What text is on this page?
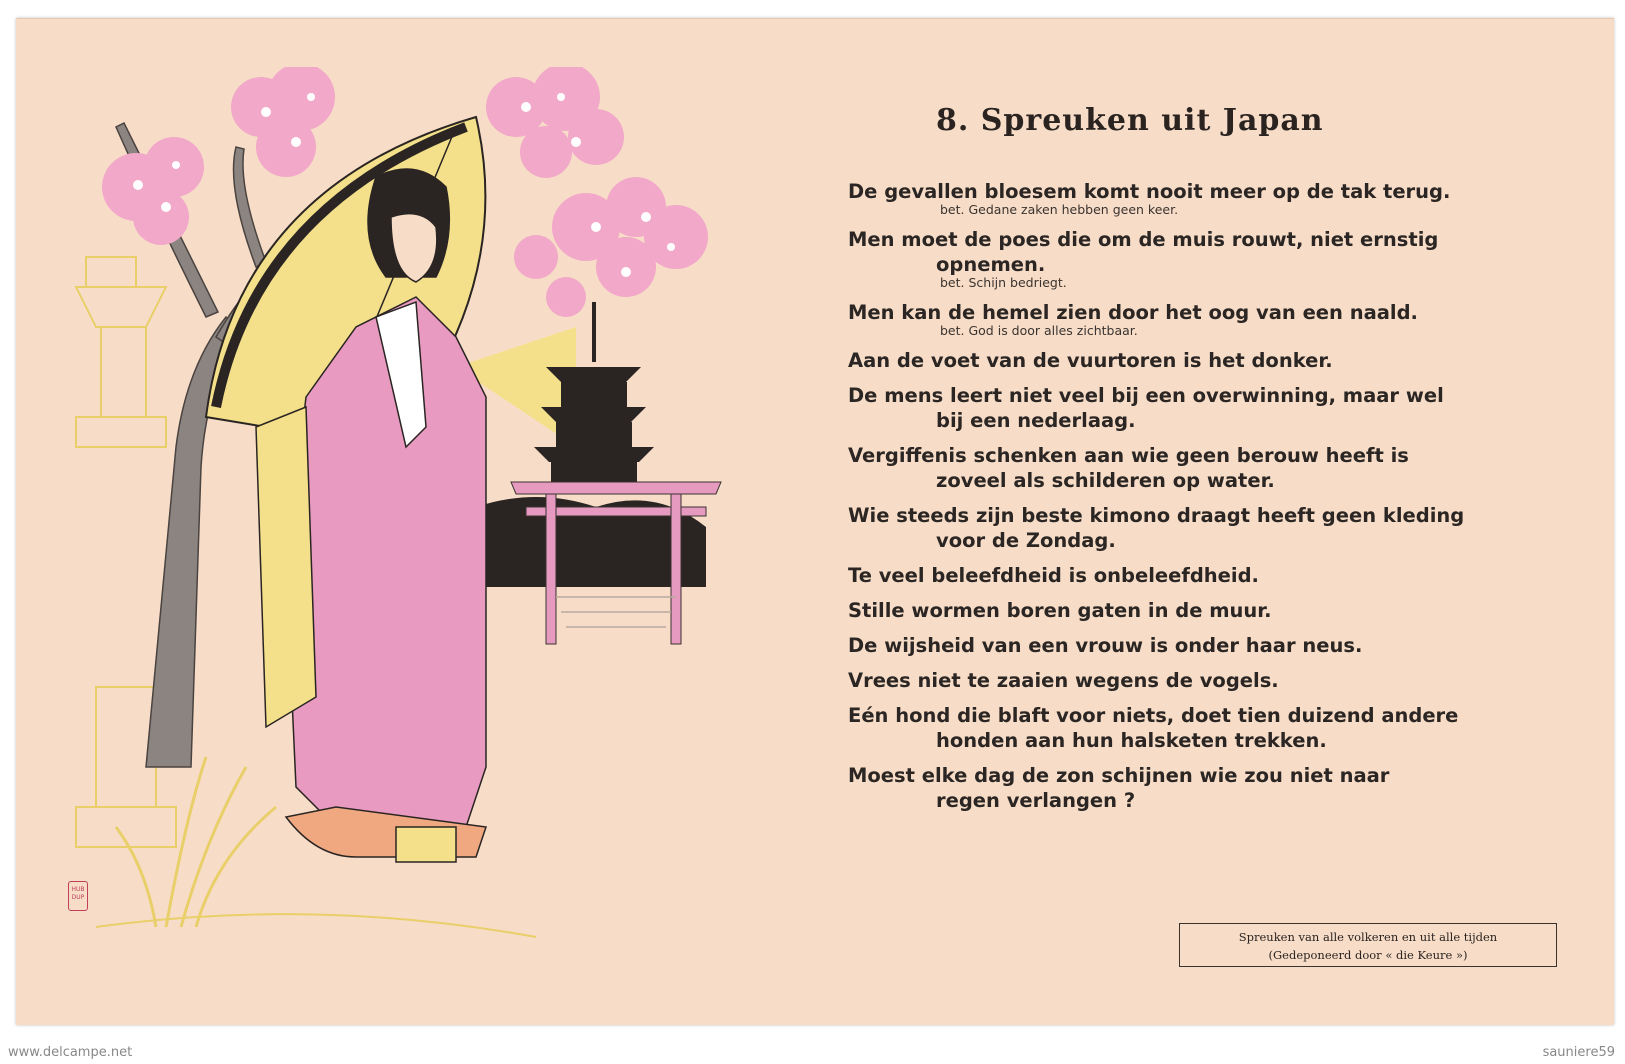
HUB DUP
8. Spreuken uit Japan
De gevallen bloesem komt nooit meer op de tak terug.
bet. Gedane zaken hebben geen keer.
Men moet de poes die om de muis rouwt, niet ernstig
opnemen.
bet. Schijn bedriegt.
Men kan de hemel zien door het oog van een naald.
bet. God is door alles zichtbaar.
Aan de voet van de vuurtoren is het donker.
De mens leert niet veel bij een overwinning, maar wel
bij een nederlaag.
Vergiffenis schenken aan wie geen berouw heeft is
zoveel als schilderen op water.
Wie steeds zijn beste kimono draagt heeft geen kleding
voor de Zondag.
Te veel beleefdheid is onbeleefdheid.
Stille wormen boren gaten in de muur.
De wijsheid van een vrouw is onder haar neus.
Vrees niet te zaaien wegens de vogels.
Eén hond die blaft voor niets, doet tien duizend andere
honden aan hun halsketen trekken.
Moest elke dag de zon schijnen wie zou niet naar
regen verlangen ?
Spreuken van alle volkeren en uit alle tijden
(Gedeponeerd door « die Keure »)
www.delcampe.net	sauniere59
